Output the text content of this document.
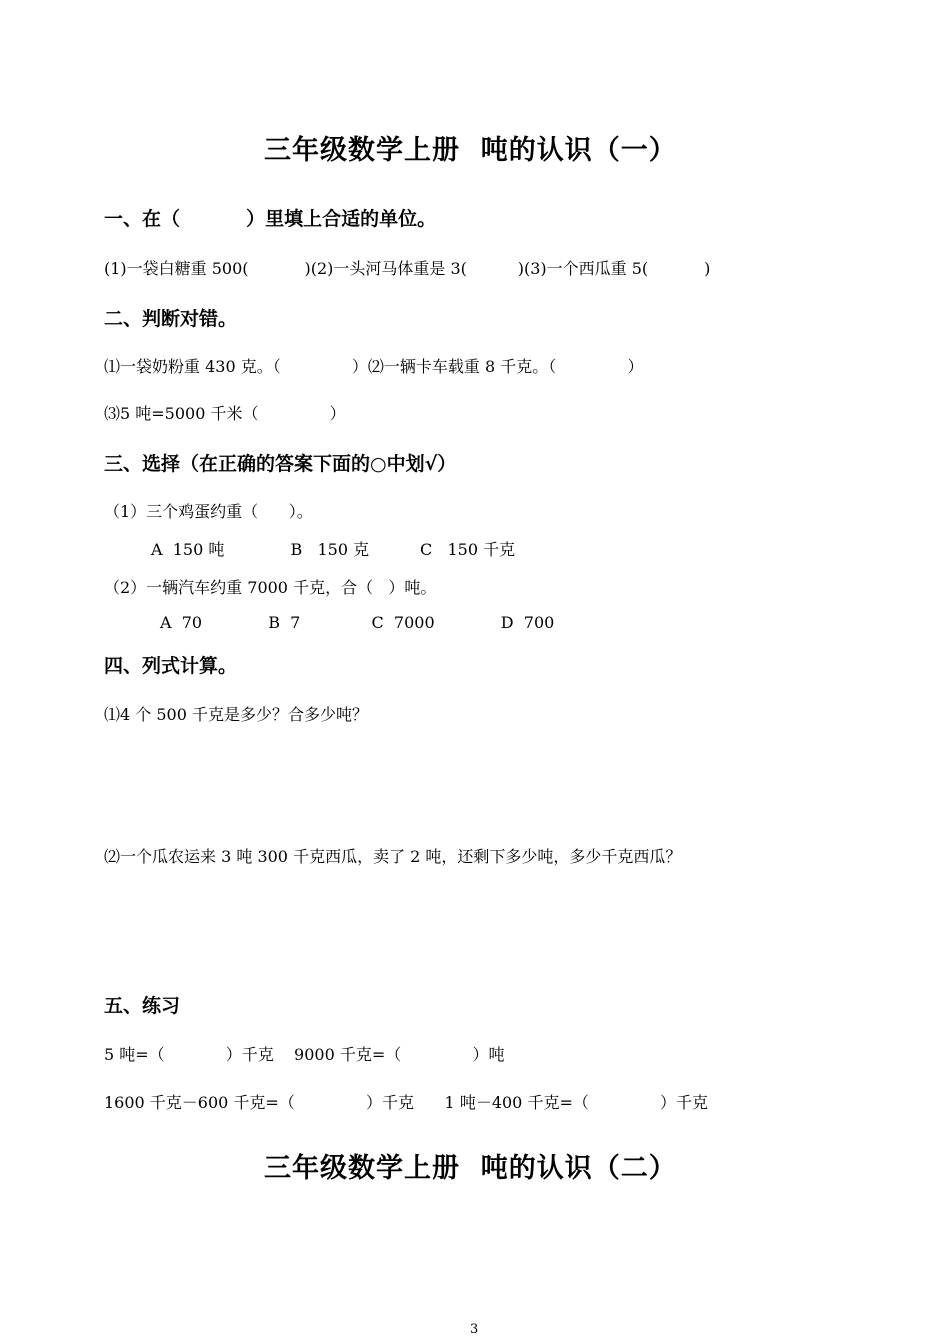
三年级数学上册  吨的认识（一）
一、在（          ）里填上合适的单位。
(1)一袋白糖重 500(           )(2)一头河马体重是 3(          )(3)一个西瓜重 5(           )
二、判断对错。
⑴一袋奶粉重 430 克。（              ）⑵一辆卡车载重 8 千克。（              ）
⑶5 吨=5000 千米（              ）
三、选择（在正确的答案下面的○中划√）
（1）三个鸡蛋约重（      ）。
A  150 吨             B   150 克          C   150 千克
（2）一辆汽车约重 7000 千克，合（   ）吨。
A  70             B  7              C  7000             D  700
四、列式计算。
⑴4 个 500 千克是多少？合多少吨？
⑵一个瓜农运来 3 吨 300 千克西瓜，卖了 2 吨，还剩下多少吨，多少千克西瓜？
五、练习
5 吨=（            ）千克    9000 千克=（              ）吨
1600 千克－600 千克=（              ）千克      1 吨－400 千克=（              ）千克
三年级数学上册  吨的认识（二）
3
